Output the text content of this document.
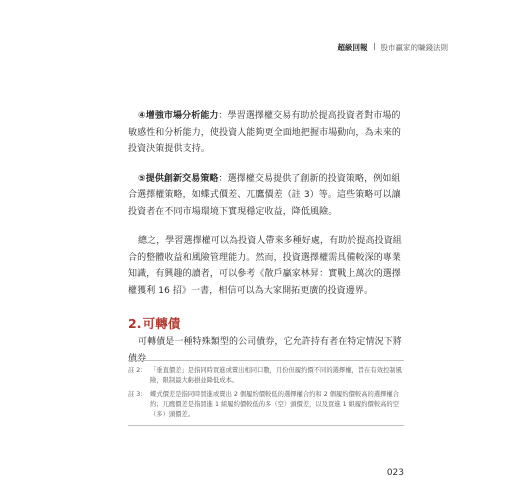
超級回報 股市贏家的賺錢法則

④增強市場分析能力：學習選擇權交易有助於提高投資者對市場的敏感性和分析能力，使投資人能夠更全面地把握市場動向，為未來的投資決策提供支持。

⑤提供創新交易策略：選擇權交易提供了創新的投資策略，例如組合選擇權策略，如蝶式價差、兀鷹價差（註 3）等。這些策略可以讓投資者在不同市場環境下實現穩定收益，降低風險。

總之，學習選擇權可以為投資人帶來多種好處，有助於提高投資組合的整體收益和風險管理能力。然而，投資選擇權需具備較深的專業知識，有興趣的讀者，可以參考《散戶贏家林昇：實戰上萬次的選擇權獲利 16 招》一書，相信可以為大家開拓更廣的投資邊界。

2.可轉債

可轉債是一種特殊類型的公司債券，它允許持有者在特定情況下將債券

註 2： 「垂直價差」是指同時買進或賣出相同口數，月份但履約價不同的選擇權，旨在有效控制風險，限制最大虧損並降低成本。
註 3： 蝶式價差是指同時買進或賣出 2 個履約價較低的選擇權合約和 2 個履約價較高的選擇權合約；兀鷹價差是指買進 1 組履約價較低的多（空）頭價差，以及買進 1 組履約價較高的空（多）頭價差。
023
